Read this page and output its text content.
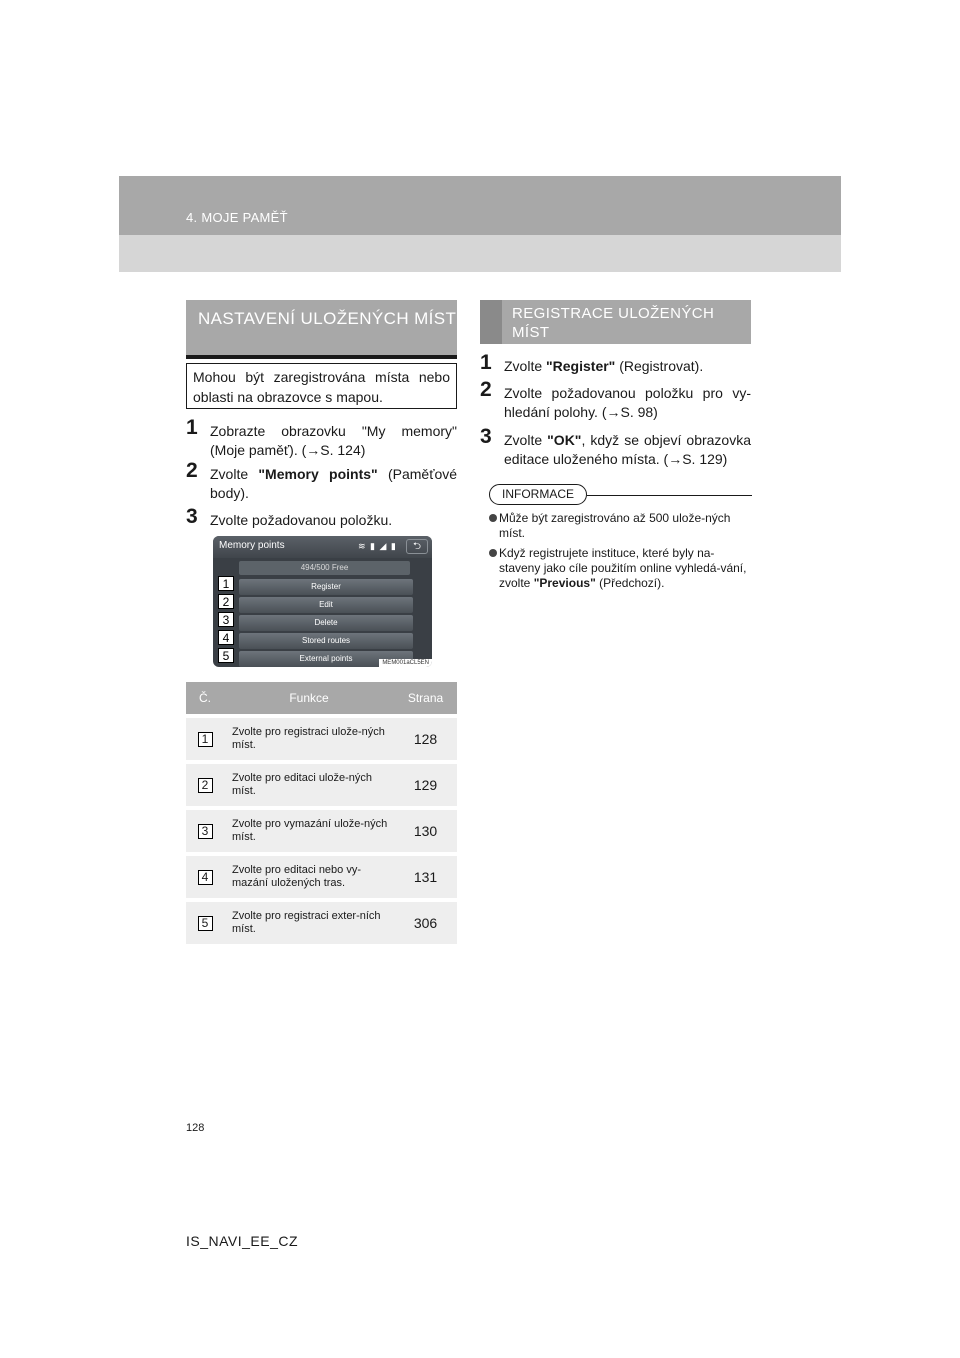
4. MOJE PAMĚŤ
NASTAVENÍ ULOŽENÝCH MÍST
Mohou být zaregistrována místa nebo oblasti na obrazovce s mapou.
1 Zobrazte obrazovku "My memory" (Moje paměť). (→S. 124)
2 Zvolte "Memory points" (Paměťové body).
3 Zvolte požadovanou položku.
Memory points	≋ ▮ ◢ ▮	⮌
494/500 Free
Register
Edit
Delete
Stored routes
External points
1
2
3
4
5	MEM001aCL5EN
Č.	Funkce	Strana
1	Zvolte pro registraci ulože-ných míst.	128
2	Zvolte pro editaci ulože-ných míst.	129
3	Zvolte pro vymazání ulože-ných míst.	130
4	Zvolte pro editaci nebo vy-mazání uložených tras.	131
5	Zvolte pro registraci exter-ních míst.	306
REGISTRACE ULOŽENÝCH MÍST
1 Zvolte "Register" (Registrovat).
2 Zvolte požadovanou položku pro vy-hledání polohy. (→S. 98)
3 Zvolte "OK", když se objeví obrazovka editace uloženého místa. (→S. 129)
INFORMACE
Může být zaregistrováno až 500 ulože-ných míst.
Když registrujete instituce, které byly na-staveny jako cíle použitím online vyhledá-vání, zvolte "Previous" (Předchozí).
128
IS_NAVI_EE_CZ
